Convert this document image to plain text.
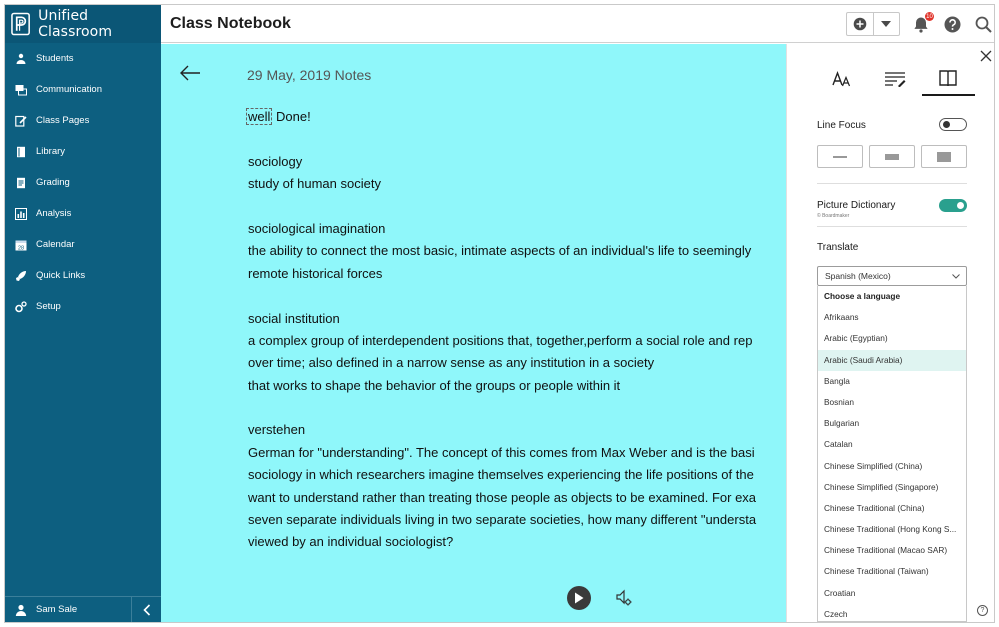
Unified Classroom
Students
Communication
Class Pages
Library
Grading
Analysis
28 Calendar
Quick Links
Setup
Sam Sale
Class Notebook	10
29 May, 2019 Notes
well Done!
sociology
study of human society
sociological imagination
the ability to connect the most basic, intimate aspects of an individual's life to seemingly
remote historical forces
social institution
a complex group of interdependent positions that, together,perform a social role and rep
over time; also defined in a narrow sense as any institution in a society
that works to shape the behavior of the groups or people within it
verstehen
German for "understanding". The concept of this comes from Max Weber and is the basi
sociology in which researchers imagine themselves experiencing the life positions of the
want to understand rather than treating those people as objects to be examined. For exa
seven separate individuals living in two separate societies, how many different "understa
viewed by an individual sociologist?
Line Focus
Picture Dictionary
© Boardmaker
Translate
Spanish (Mexico)
Choose a language
Afrikaans
Arabic (Egyptian)
Arabic (Saudi Arabia)
Bangla
Bosnian
Bulgarian
Catalan
Chinese Simplified (China)
Chinese Simplified (Singapore)
Chinese Traditional (China)
Chinese Traditional (Hong Kong S...
Chinese Traditional (Macao SAR)
Chinese Traditional (Taiwan)
Croatian
Czech	?
